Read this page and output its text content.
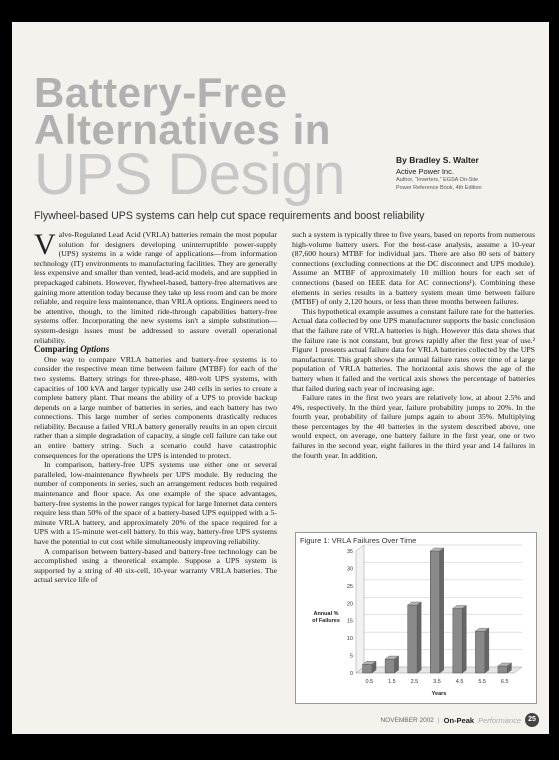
Battery-Free
Alternatives in
UPS Design	By Bradley S. Walter
Active Power Inc.
Author, “Inverters,” EGSA On-Site
Power Reference Book, 4th Edition
Flywheel-based UPS systems can help cut space requirements and boost reliability

Valve-Regulated Lead Acid (VRLA) batteries remain the most popular solution for designers developing uninterruptible power-supply (UPS) systems in a wide range of applications—from information technology (IT) environments to manufacturing facilities. They are generally less expensive and smaller than vented, lead-acid models, and are supplied in prepackaged cabinets. However, flywheel-based, battery-free alternatives are gaining more attention today because they take up less room and can be more reliable, and require less maintenance, than VRLA options. Engineers need to be attentive, though, to the limited ride-through capabilities battery-free systems offer. Incorporating the new systems isn't a simple substitution—system-design issues must be addressed to assure overall operational reliability.

Comparing Options

One way to compare VRLA batteries and battery-free systems is to consider the respective mean time between failure (MTBF) for each of the two systems. Battery strings for three-phase, 480-volt UPS systems, with capacities of 100 kVA and larger typically use 240 cells in series to create a complete battery plant. That means the ability of a UPS to provide backup depends on a large number of batteries in series, and each battery has two connections. This large number of series components drastically reduces reliability. Because a failed VRLA battery generally results in an open circuit rather than a simple degradation of capacity, a single cell failure can take out an entire battery string. Such a scenario could have catastrophic consequences for the operations the UPS is intended to protect.

In comparison, battery-free UPS systems use either one or several paralleled, low-maintenance flywheels per UPS module. By reducing the number of components in series, such an arrangement reduces both required maintenance and floor space. As one example of the space advantages, battery-free systems in the power ranges typical for large Internet data centers require less than 50% of the space of a battery-based UPS equipped with a 5-minute VRLA battery, and approximately 20% of the space required for a UPS with a 15-minute wet-cell battery. In this way, battery-free UPS systems have the potential to cut cost while simultaneously improving reliability.

A comparison between battery-based and battery-free technology can be accomplished using a theoretical example. Suppose a UPS system is supported by a string of 40 six-cell, 10-year warranty VRLA batteries. The actual service life of

such a system is typically three to five years, based on reports from numerous high-volume battery users. For the best-case analysis, assume a 10-year (87,600 hours) MTBF for individual jars. There are also 80 sets of battery connections (excluding connections at the DC disconnect and UPS module). Assume an MTBF of approximately 10 million hours for each set of connections (based on IEEE data for AC connections¹). Combining these elements in series results in a battery system mean time between failure (MTBF) of only 2,120 hours, or less than three months between failures.

This hypothetical example assumes a constant failure rate for the batteries. Actual data collected by one UPS manufacturer supports the basic conclusion that the failure rate of VRLA batteries is high. However this data shows that the failure rate is not constant, but grows rapidly after the first year of use.² Figure 1 presents actual failure data for VRLA batteries collected by the UPS manufacturer. This graph shows the annual failure rates over time of a large population of VRLA batteries. The horizontal axis shows the age of the battery when it failed and the vertical axis shows the percentage of batteries that failed during each year of increasing age.

Failure rates in the first two years are relatively low, at about 2.5% and 4%, respectively. In the third year, failure probability jumps to 20%. In the fourth year, probability of failure jumps again to about 35%. Multiplying these percentages by the 40 batteries in the system described above, one would expect, on average, one battery failure in the first year, one or two failures in the second year, eight failures in the third year and 14 failures in the fourth year. In addition,

Figure 1: VRLA Failures Over Time
0
5
10
15
20
25
30
35
0.5	1.5	2.5	3.5	4.5	5.5	6.5
Annual %
of Failures
Years
NOVEMBER 2002 | On-Peak Performance	25
